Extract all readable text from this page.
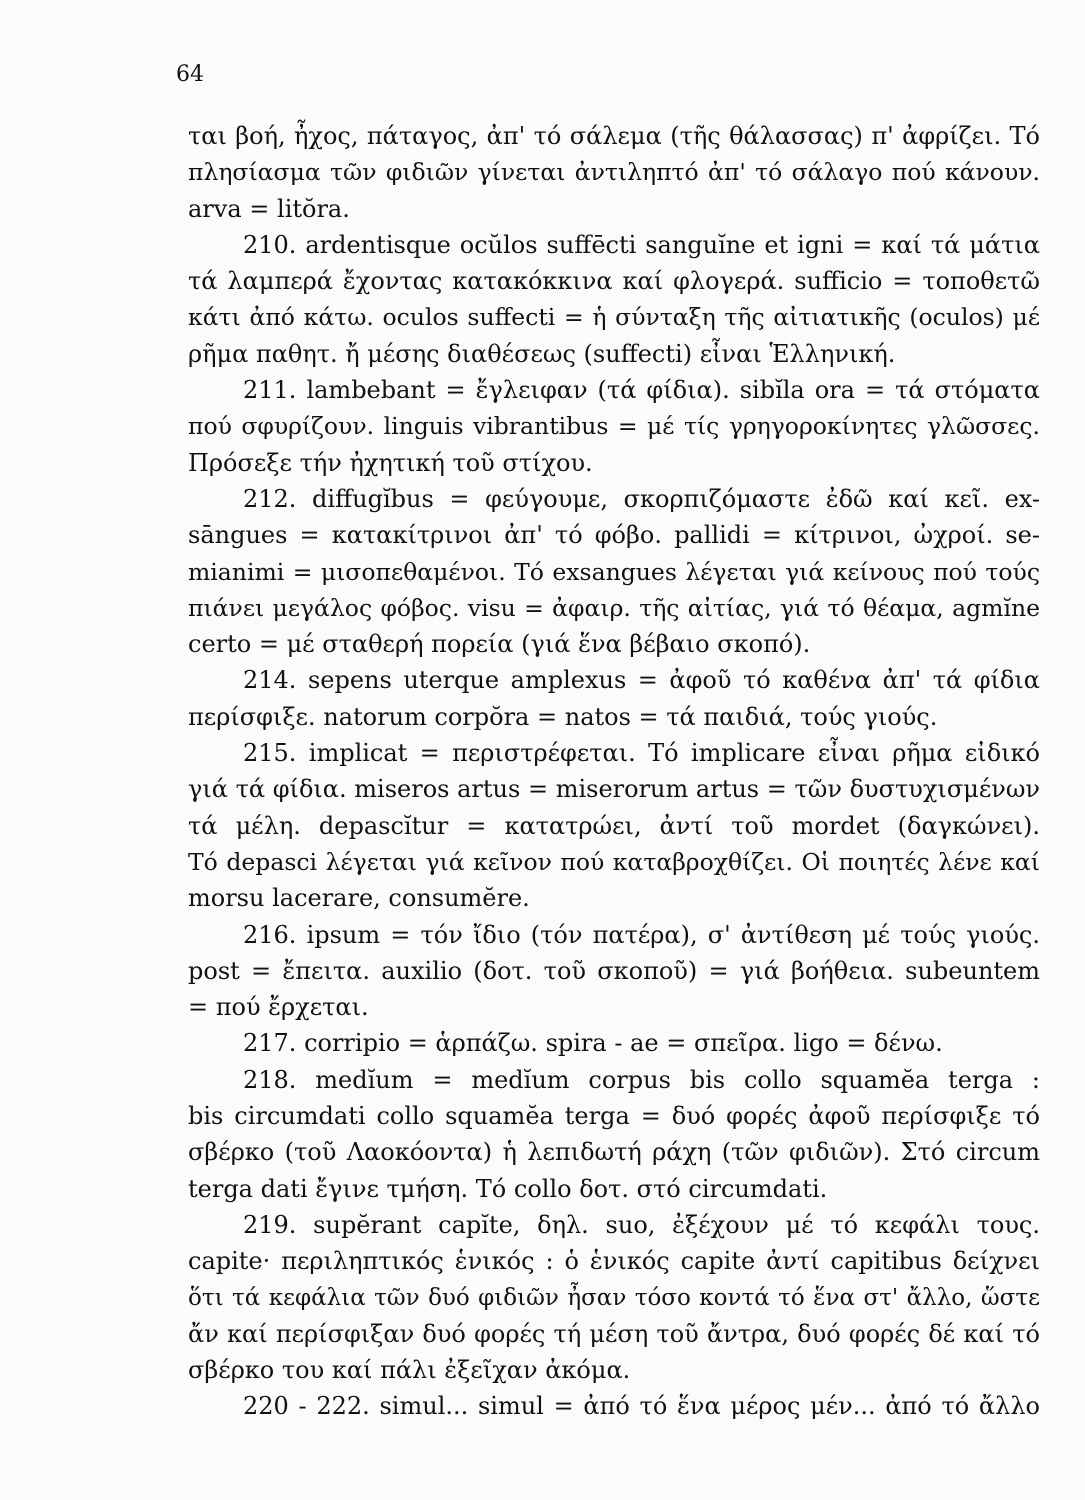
64
ται βοή, ἦχος, πάταγος, ἀπ' τό σάλεμα (τῆς θάλασσας) π' ἀφρίζει. Τό
πλησίασμα τῶν φιδιῶν γίνεται ἀντιληπτό ἀπ' τό σάλαγο πού κάνουν.
arva = litŏra.
210. ardentisque ocŭlos suffēcti sanguĭne et igni = καί τά μάτια
τά λαμπερά ἔχοντας κατακόκκινα καί φλογερά. sufficio = τοποθετῶ
κάτι ἀπό κάτω. oculos suffecti = ἡ σύνταξη τῆς αἰτιατικῆς (oculos) μέ
ρῆμα παθητ. ἤ μέσης διαθέσεως (suffecti) εἶναι Ἑλληνική.
211. lambebant = ἔγλειφαν (τά φίδια). sibĭla ora = τά στόματα
πού σφυρίζουν. linguis vibrantibus = μέ τίς γρηγοροκίνητες γλῶσσες.
Πρόσεξε τήν ἠχητική τοῦ στίχου.
212. diffugĭbus = φεύγουμε, σκορπιζόμαστε ἐδῶ καί κεῖ. ex-
sāngues = κατακίτρινοι ἀπ' τό φόβο. pallidi = κίτρινοι, ὠχροί. se-
mianimi = μισοπεθαμένοι. Τό exsangues λέγεται γιά κείνους πού τούς
πιάνει μεγάλος φόβος. visu = ἀφαιρ. τῆς αἰτίας, γιά τό θέαμα, agmĭne
certo = μέ σταθερή πορεία (γιά ἕνα βέβαιο σκοπό).
214. sepens uterque amplexus = ἀφοῦ τό καθένα ἀπ' τά φίδια
περίσφιξε. natorum corpŏra = natos = τά παιδιά, τούς γιούς.
215. implicat = περιστρέφεται. Τό implicare εἶναι ρῆμα εἰδικό
γιά τά φίδια. miseros artus = miserorum artus = τῶν δυστυχισμένων
τά μέλη. depascĭtur = κατατρώει, ἀντί τοῦ mordet (δαγκώνει).
Τό depasci λέγεται γιά κεῖνον πού καταβροχθίζει. Οἱ ποιητές λένε καί
morsu lacerare, consumĕre.
216. ipsum = τόν ἴδιο (τόν πατέρα), σ' ἀντίθεση μέ τούς γιούς.
post = ἔπειτα. auxilio (δοτ. τοῦ σκοποῦ) = γιά βοήθεια. subeuntem
= πού ἔρχεται.
217. corripio = ἁρπάζω. spira - ae = σπεῖρα. ligo = δένω.
218. medĭum = medĭum corpus bis collo squamĕa terga :
bis circumdati collo squamĕa terga = δυό φορές ἀφοῦ περίσφιξε τό
σβέρκο (τοῦ Λαοκόοντα) ἡ λεπιδωτή ράχη (τῶν φιδιῶν). Στό circum
terga dati ἔγινε τμήση. Τό collo δοτ. στό circumdati.
219. supĕrant capĭte, δηλ. suo, ἐξέχουν μέ τό κεφάλι τους.
capite· περιληπτικός ἑνικός : ὁ ἑνικός capite ἀντί capitibus δείχνει
ὅτι τά κεφάλια τῶν δυό φιδιῶν ἦσαν τόσο κοντά τό ἕνα στ' ἄλλο, ὥστε
ἄν καί περίσφιξαν δυό φορές τή μέση τοῦ ἄντρα, δυό φορές δέ καί τό
σβέρκο του καί πάλι ἐξεῖχαν ἀκόμα.
220 - 222. simul... simul = ἀπό τό ἕνα μέρος μέν... ἀπό τό ἄλλο
